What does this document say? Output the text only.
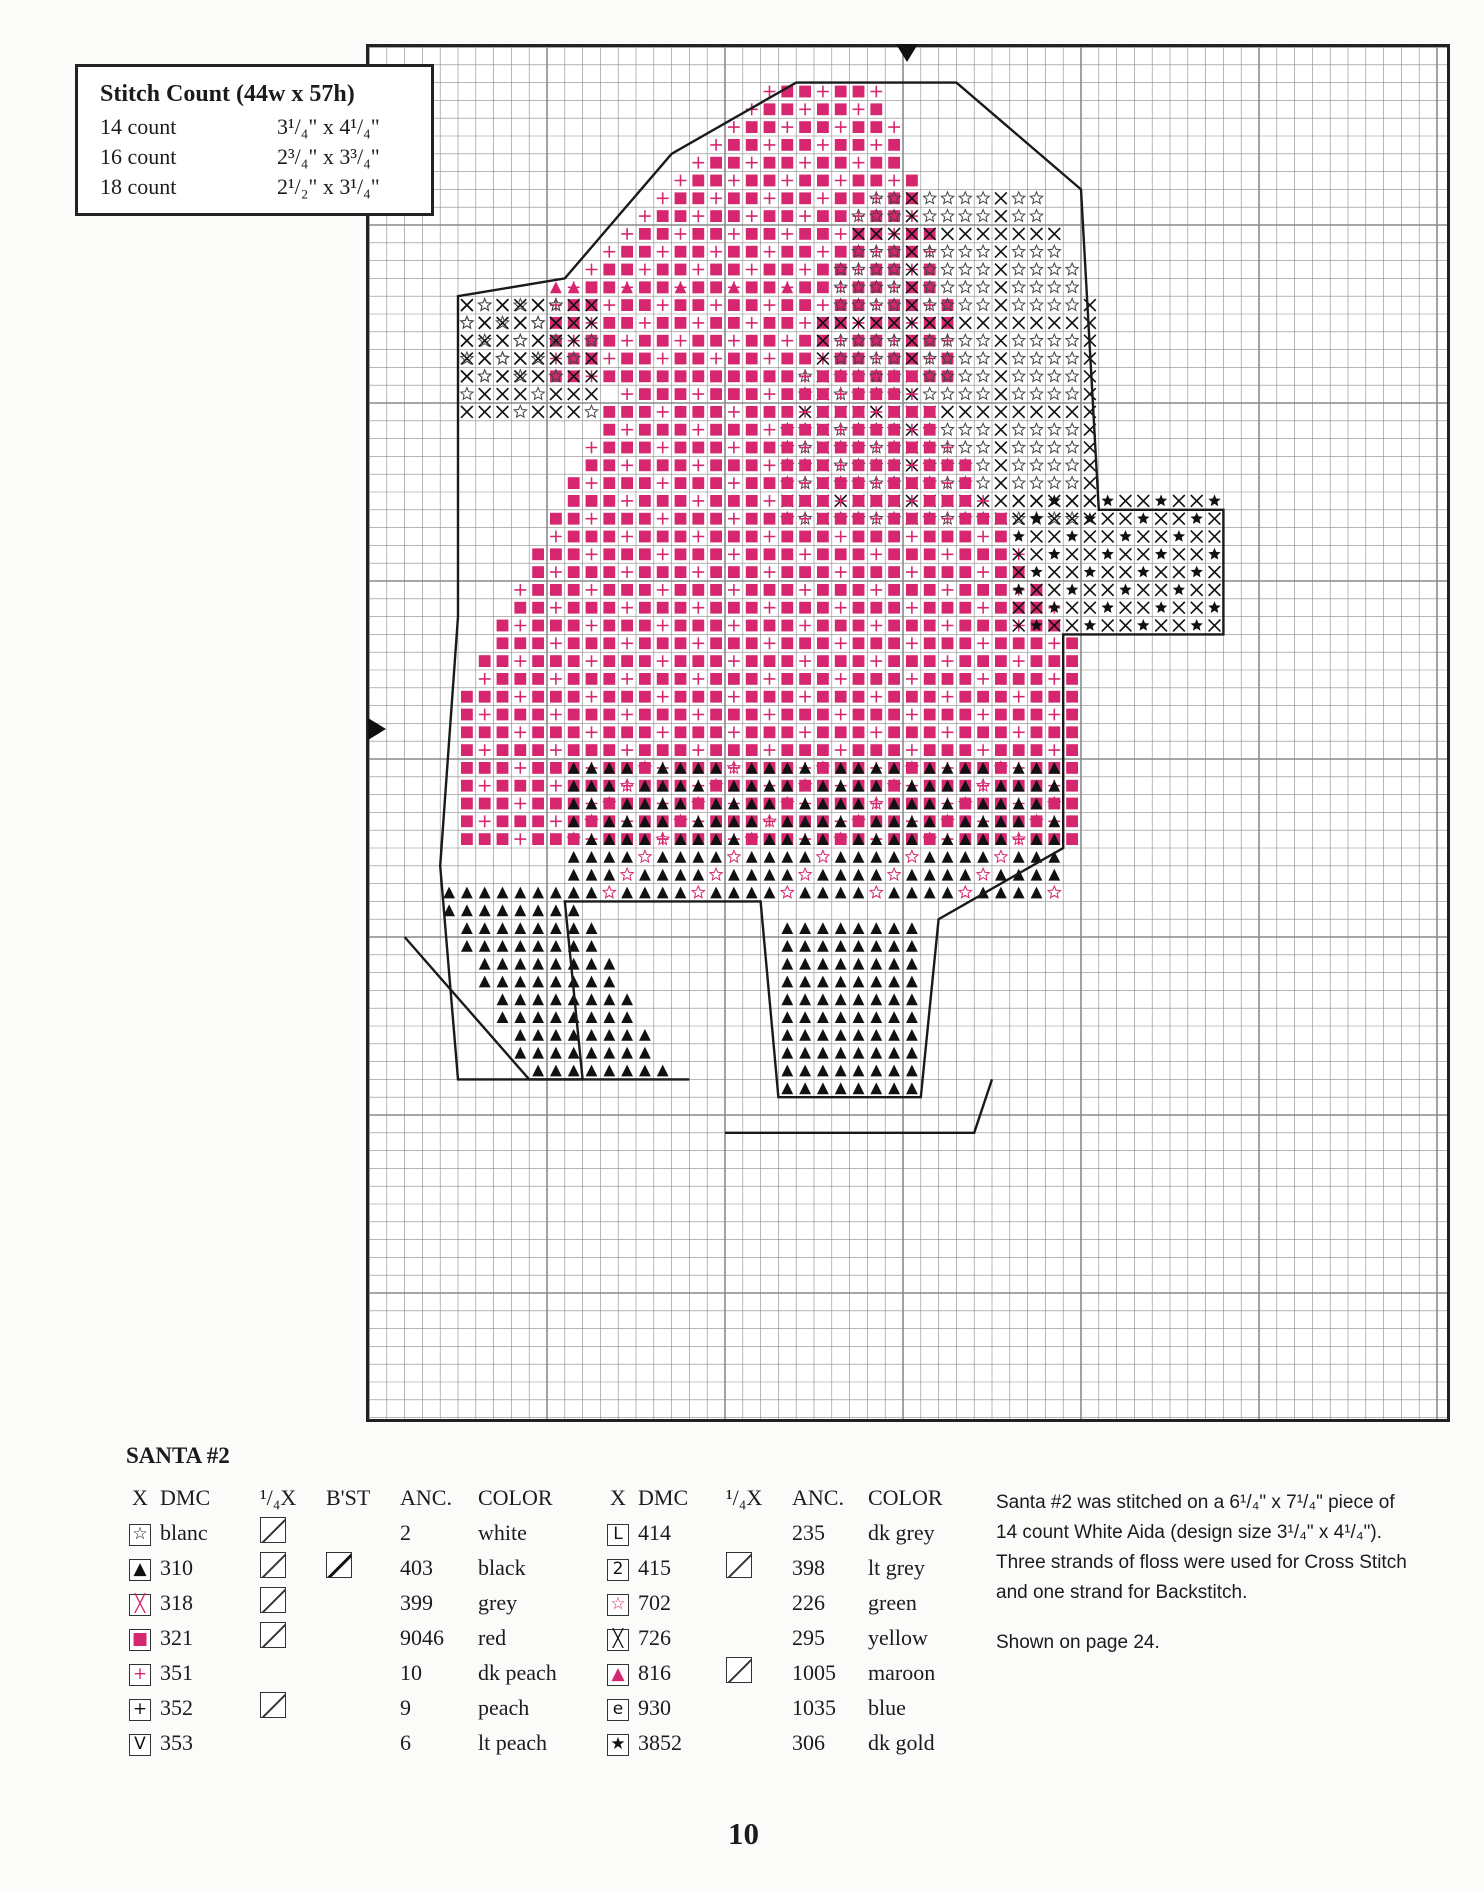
Stitch Count (44w x 57h)
14 count	3¹/₄" x 4¹/₄"
16 count	2³/₄" x 3³/₄"
18 count	2¹/₂" x 3¹/₄"
SANTA #2
X	DMC	¹/₄X	B'ST	ANC.	COLOR
☆	blanc			2	white
▲	310			403	black
╳	318			399	grey
■	321			9046	red
+	351			10	dk peach
+	352			9	peach
V	353			6	lt peach
X	DMC	¹/₄X	ANC.	COLOR
L	414		235	dk grey
2	415		398	lt grey
☆	702		226	green
╳	726		295	yellow
▲	816		1005	maroon
e	930		1035	blue
★	3852		306	dk gold

Santa #2 was stitched on a 6¹/₄" x 7¹/₄" piece of 14 count White Aida (design size 3¹/₄" x 4¹/₄"). Three strands of floss were used for Cross Stitch and one strand for Backstitch.

Shown on page 24.

10
